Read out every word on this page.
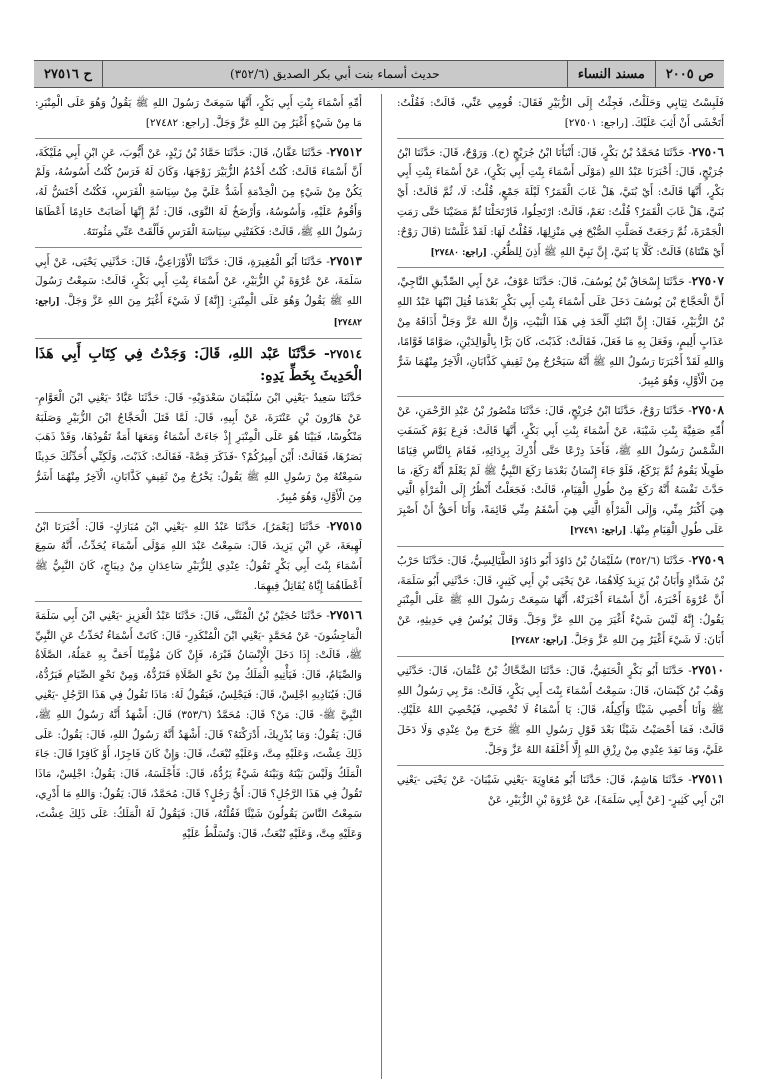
ص ٢٠٠٥
مسند النساء
حديث أسماء بنت أبي بكر الصديق (٣٥٢/٦)
ح ٢٧٥١٦
فَلَبِسْتُ ثِيَابِي وَحَلَلْتُ، فَجِئْتُ إِلَى الزُّبَيْرِ فَقَالَ: قُومِي عَنِّي، قَالَتْ: فَقُلْتُ: أَتَخْشَى أَنْ أَثِبَ عَلَيْكَ. [راجع: ٢٧٥٠١]
٢٧٥٠٦- حَدَّثَنَا مُحَمَّدُ بْنُ بَكْرٍ، قَالَ: أَنْبَأَنَا ابْنُ جُرَيْجٍ (ح). وَرَوْحٌ، قَالَ: حَدَّثَنَا ابْنُ جُرَيْجٍ، قَالَ: أَخْبَرَنَا عَبْدُ اللهِ (مَوْلَى أَسْمَاءَ بِنْتِ أَبِي بَكْرٍ)، عَنْ أَسْمَاءَ بِنْتِ أَبِي بَكْرٍ، أَنَّهَا قَالَتْ: أَيْ بُنَيَّ، هَلْ غَابَ الْقَمَرُ؟ لَيْلَةَ جَمْعٍ، قُلْتُ: لَا، ثُمَّ قَالَتْ: أَيْ بُنَيَّ، هَلْ غَابَ الْقَمَرُ؟ قُلْتُ: نَعَمْ، قَالَتْ: ارْتَحِلُوا، فَارْتَحَلْنَا ثُمَّ مَضَيْنَا حَتَّى رَمَتِ الْجَمْرَةَ، ثُمَّ رَجَعَتْ فَصَلَّتِ الصُّبْحَ فِي مَنْزِلِهَا، فَقُلْتُ لَهَا: لَقَدْ غَلَّسْنَا (قَالَ رَوْحٌ: أَيْ هَنْتَاهُ) قَالَتْ: كَلَّا يَا بُنَيَّ، إِنَّ نَبِيَّ اللهِ ﷺ أَذِنَ لِلظُّعُنِ. [راجع: ٢٧٤٨٠]
٢٧٥٠٧- حَدَّثَنَا إِسْحَاقُ بْنُ يُوسُفَ، قَالَ: حَدَّثَنَا عَوْفٌ، عَنْ أَبِي الصِّدِّيقِ النَّاجِيِّ، أَنَّ الْحَجَّاجَ بْنَ يُوسُفَ دَخَلَ عَلَى أَسْمَاءَ بِنْتِ أَبِي بَكْرٍ بَعْدَمَا قُتِلَ ابْنُهَا عَبْدُ اللهِ بْنُ الزُّبَيْرِ، فَقَالَ: إِنَّ ابْنَكِ أَلْحَدَ فِي هَذَا الْبَيْتِ، وَإِنَّ اللهَ عَزَّ وَجَلَّ أَذَاقَهُ مِنْ عَذَابٍ أَلِيمٍ، وَفَعَلَ بِهِ مَا فَعَلَ، فَقَالَتْ: كَذَبْتَ، كَانَ بَرًّا بِالْوَالِدَيْنِ، صَوَّامًا قَوَّامًا، وَاللهِ لَقَدْ أَخْبَرَنَا رَسُولُ اللهِ ﷺ أَنَّهُ سَيَخْرُجُ مِنْ ثَقِيفٍ كَذَّابَانِ، الْآخِرُ مِنْهُمَا شَرٌّ مِنَ الْأَوَّلِ، وَهُوَ مُبِيرٌ.
٢٧٥٠٨- حَدَّثَنَا رَوْحٌ، حَدَّثَنَا ابْنُ جُرَيْجٍ، قَالَ: حَدَّثَنَا مَنْصُورُ بْنُ عَبْدِ الرَّحْمَنِ، عَنْ أُمِّهِ صَفِيَّةَ بِنْتِ شَيْبَةَ، عَنْ أَسْمَاءَ بِنْتِ أَبِي بَكْرٍ، أَنَّهَا قَالَتْ: فَزِعَ يَوْمَ كَسَفَتِ الشَّمْسُ رَسُولُ اللهِ ﷺ، فَأَخَذَ دِرْعًا حَتَّى أُدْرِكَ بِرِدَائِهِ، فَقَامَ بِالنَّاسِ قِيَامًا طَوِيلًا يَقُومُ ثُمَّ يَرْكَعُ، فَلَوْ جَاءَ إِنْسَانٌ بَعْدَمَا رَكَعَ النَّبِيُّ ﷺ لَمْ يَعْلَمْ أَنَّهُ رَكَعَ، مَا حَدَّثَ نَفْسَهُ أَنَّهُ رَكَعَ مِنْ طُولِ الْقِيَامِ، قَالَتْ: فَجَعَلْتُ أَنْظُرُ إِلَى الْمَرْأَةِ الَّتِي هِيَ أَكْبَرُ مِنِّي، وَإِلَى الْمَرْأَةِ الَّتِي هِيَ أَسْقَمُ مِنِّي قَائِمَةً، وَأَنَا أَحَقُّ أَنْ أَصْبِرَ عَلَى طُولِ الْقِيَامِ مِنْهَا. [راجع: ٢٧٤٩١]
٢٧٥٠٩- حَدَّثَنَا (٣٥٢/٦) سُلَيْمَانُ بْنُ دَاوُدَ أَبُو دَاوُدَ الطَّيَالِسِيُّ، قَالَ: حَدَّثَنَا حَرْبُ بْنُ شَدَّادٍ وَأَبَانُ بْنُ يَزِيدَ كِلَاهُمَا، عَنْ يَحْيَى بْنِ أَبِي كَثِيرٍ، قَالَ: حَدَّثَنِي أَبُو سَلَمَةَ، أَنَّ عُرْوَةَ أَخْبَرَهُ، أَنَّ أَسْمَاءَ أَخْبَرَتْهُ، أَنَّهَا سَمِعَتْ رَسُولَ اللهِ ﷺ عَلَى الْمِنْبَرِ يَقُولُ: إِنَّهُ لَيْسَ شَيْءٌ أَغْيَرَ مِنَ اللهِ عَزَّ وَجَلَّ. وَقَالَ يُونُسُ فِي حَدِيثِهِ، عَنْ أَبَانَ: لَا شَيْءَ أَغْيَرُ مِنَ اللهِ عَزَّ وَجَلَّ. [راجع: ٢٧٤٨٢]
٢٧٥١٠- حَدَّثَنَا أَبُو بَكْرٍ الْحَنَفِيُّ، قَالَ: حَدَّثَنَا الضَّحَّاكُ بْنُ عُثْمَانَ، قَالَ: حَدَّثَنِي وَهْبُ بْنُ كَيْسَانَ، قَالَ: سَمِعْتُ أَسْمَاءَ بِنْتَ أَبِي بَكْرٍ، قَالَتْ: مَرَّ بِي رَسُولُ اللهِ ﷺ وَأَنَا أُحْصِي شَيْئًا وَأَكِيلُهُ، قَالَ: يَا أَسْمَاءُ لَا تُحْصِي، فَيُحْصِيَ اللهُ عَلَيْكِ. قَالَتْ: فَمَا أَحْصَيْتُ شَيْئًا بَعْدَ قَوْلِ رَسُولِ اللهِ ﷺ خَرَجَ مِنْ عِنْدِي وَلَا دَخَلَ عَلَيَّ، وَمَا نَفِدَ عِنْدِي مِنْ رِزْقِ اللهِ إِلَّا أَخْلَفَهُ اللهُ عَزَّ وَجَلَّ.
٢٧٥١١- حَدَّثَنَا هَاشِمٌ، قَالَ: حَدَّثَنَا أَبُو مُعَاوِيَةَ -يَعْنِي شَيْبَانَ- عَنْ يَحْيَى -يَعْنِي ابْنَ أَبِي كَثِيرٍ- [عَنْ أَبِي سَلَمَةَ]، عَنْ عُرْوَةَ بْنِ الزُّبَيْرِ، عَنْ
أُمِّهِ أَسْمَاءَ بِنْتِ أَبِي بَكْرٍ، أَنَّهَا سَمِعَتْ رَسُولَ اللهِ ﷺ يَقُولُ وَهُوَ عَلَى الْمِنْبَرِ: مَا مِنْ شَيْءٍ أَغْيَرُ مِنَ اللهِ عَزَّ وَجَلَّ. [راجع: ٢٧٤٨٢]
٢٧٥١٢- حَدَّثَنَا عَفَّانُ، قَالَ: حَدَّثَنَا حَمَّادُ بْنُ زَيْدٍ، عَنْ أَيُّوبَ، عَنِ ابْنِ أَبِي مُلَيْكَةَ، أَنَّ أَسْمَاءَ قَالَتْ: كُنْتُ أَخْدُمُ الزُّبَيْرَ زَوْجَهَا، وَكَانَ لَهُ فَرَسٌ كُنْتُ أَسُوسُهُ، وَلَمْ يَكُنْ مِنْ شَيْءٍ مِنَ الْخِدْمَةِ أَشَدُّ عَلَيَّ مِنْ سِيَاسَةِ الْفَرَسِ، فَكُنْتُ أَحْتَشُّ لَهُ، وَأَقُومُ عَلَيْهِ، وَأَسُوسُهُ، وَأَرْضَخُ لَهُ النَّوَى، قَالَ: ثُمَّ إِنَّهَا أَصَابَتْ خَادِمًا أَعْطَاهَا رَسُولُ اللهِ ﷺ، قَالَتْ: فَكَفَتْنِي سِيَاسَةَ الْفَرَسِ فَأَلْقَتْ عَنِّي مَئُونَتَهُ.
٢٧٥١٣- حَدَّثَنَا أَبُو الْمُغِيرَةِ، قَالَ: حَدَّثَنَا الْأَوْزَاعِيُّ، قَالَ: حَدَّثَنِي يَحْيَى، عَنْ أَبِي سَلَمَةَ، عَنْ عُرْوَةَ بْنِ الزُّبَيْرِ، عَنْ أَسْمَاءَ بِنْتِ أَبِي بَكْرٍ، قَالَتْ: سَمِعْتُ رَسُولَ اللهِ ﷺ يَقُولُ وَهُوَ عَلَى الْمِنْبَرِ: [إِنَّهُ] لَا شَيْءَ أَغْيَرُ مِنَ اللهِ عَزَّ وَجَلَّ. [راجع: ٢٧٤٨٢]
٢٧٥١٤- حَدَّثَنَا عَبْد اللهِ، قَالَ: وَجَدْتُ فِي كِتَابِ أَبِي هَذَا الْحَدِيثَ بِخَطِّ يَدِهِ:
حَدَّثَنَا سَعِيدٌ -يَعْنِي ابْنَ سُلَيْمَانَ سَعْدَوَيْهِ- قَالَ: حَدَّثَنَا عَبَّادٌ -يَعْنِي ابْنَ الْعَوَّامِ- عَنْ هَارُونَ بْنِ عَنْتَرَةَ، عَنْ أَبِيهِ، قَالَ: لَمَّا قَتَلَ الْحَجَّاجُ ابْنَ الزُّبَيْرِ وَصَلَبَهُ مَنْكُوسًا، فَبَيْنَا هُوَ عَلَى الْمِنْبَرِ إِذْ جَاءَتْ أَسْمَاءُ وَمَعَهَا أَمَةٌ تَقُودُهَا، وَقَدْ ذَهَبَ بَصَرُهَا، فَقَالَتْ: أَيْنَ أَمِيرُكُمْ؟ -فَذَكَرَ قِصَّةً- فَقَالَتْ: كَذَبْتَ، وَلَكِنِّي أُحَدِّثُكَ حَدِيثًا سَمِعْتُهُ مِنْ رَسُولِ اللهِ ﷺ يَقُولُ: يَخْرُجُ مِنْ ثَقِيفٍ كَذَّابَانِ، الْآخِرُ مِنْهُمَا أَشَرُّ مِنَ الْأَوَّلِ، وَهُوَ مُبِيرٌ.
٢٧٥١٥- حَدَّثَنَا [يَعْمَرُ]، حَدَّثَنَا عَبْدُ اللهِ -يَعْنِي ابْنَ مُبَارَكٍ- قَالَ: أَخْبَرَنَا ابْنُ لَهِيعَةَ، عَنِ ابْنِ يَزِيدَ، قَالَ: سَمِعْتُ عَبْدَ اللهِ مَوْلَى أَسْمَاءَ يُحَدِّثُ، أَنَّهُ سَمِعَ أَسْمَاءَ بِنْتَ أَبِي بَكْرٍ تَقُولُ: عِنْدِي لِلزُّبَيْرِ سَاعِدَانِ مِنْ دِيبَاجٍ، كَانَ النَّبِيُّ ﷺ أَعْطَاهُمَا إِيَّاهُ يُقَاتِلُ فِيهِمَا.
٢٧٥١٦- حَدَّثَنَا حُجَيْنُ بْنُ الْمُثَنَّى، قَالَ: حَدَّثَنَا عَبْدُ الْعَزِيزِ -يَعْنِي ابْنَ أَبِي سَلَمَةَ الْمَاجِشُونَ- عَنْ مُحَمَّدٍ -يَعْنِي ابْنَ الْمُنْكَدِرِ- قَالَ: كَانَتْ أَسْمَاءُ تُحَدِّثُ عَنِ النَّبِيِّ ﷺ، قَالَتْ: إِذَا دَخَلَ الْإِنْسَانُ قَبْرَهُ، فَإِنْ كَانَ مُؤْمِنًا أَحَفَّ بِهِ عَمَلُهُ، الصَّلَاةُ وَالصِّيَامُ، قَالَ: فَيَأْتِيهِ الْمَلَكُ مِنْ نَحْوِ الصَّلَاةِ فَتَرُدُّهُ، وَمِنْ نَحْوِ الصِّيَامِ فَيَرُدُّهُ، قَالَ: فَيُنَادِيهِ اجْلِسْ، قَالَ: فَيَجْلِسُ، فَيَقُولُ لَهُ: مَاذَا تَقُولُ فِي هَذَا الرَّجُلِ -يَعْنِي النَّبِيَّ ﷺ- قَالَ: مَنْ؟ قَالَ: مُحَمَّدٌ (٣٥٣/٦) قَالَ: أَشْهَدُ أَنَّهُ رَسُولُ اللهِ ﷺ، قَالَ: يَقُولُ: وَمَا يُدْرِيكَ، أَدْرَكْتَهُ؟ قَالَ: أَشْهَدُ أَنَّهُ رَسُولُ اللهِ، قَالَ: يَقُولُ: عَلَى ذَلِكَ عِشْتَ، وَعَلَيْهِ مِتَّ، وَعَلَيْهِ تُبْعَثُ، قَالَ: وَإِنْ كَانَ فَاجِرًا، أَوْ كَافِرًا قَالَ: جَاءَ الْمَلَكُ وَلَيْسَ بَيْنَهُ وَبَيْنَهُ شَيْءٌ يَرُدُّهُ، قَالَ: فَأَجْلَسَهُ، قَالَ: يَقُولُ: اجْلِسْ، مَاذَا تَقُولُ فِي هَذَا الرَّجُلِ؟ قَالَ: أَيُّ رَجُلٍ؟ قَالَ: مُحَمَّدٌ، قَالَ: يَقُولُ: وَاللهِ مَا أَدْرِي، سَمِعْتُ النَّاسَ يَقُولُونَ شَيْئًا فَقُلْتُهُ، قَالَ: فَيَقُولُ لَهُ الْمَلَكُ: عَلَى ذَلِكَ عِشْتَ، وَعَلَيْهِ مِتَّ، وَعَلَيْهِ تُبْعَثُ، قَالَ: وَتُسَلَّطُ عَلَيْهِ
